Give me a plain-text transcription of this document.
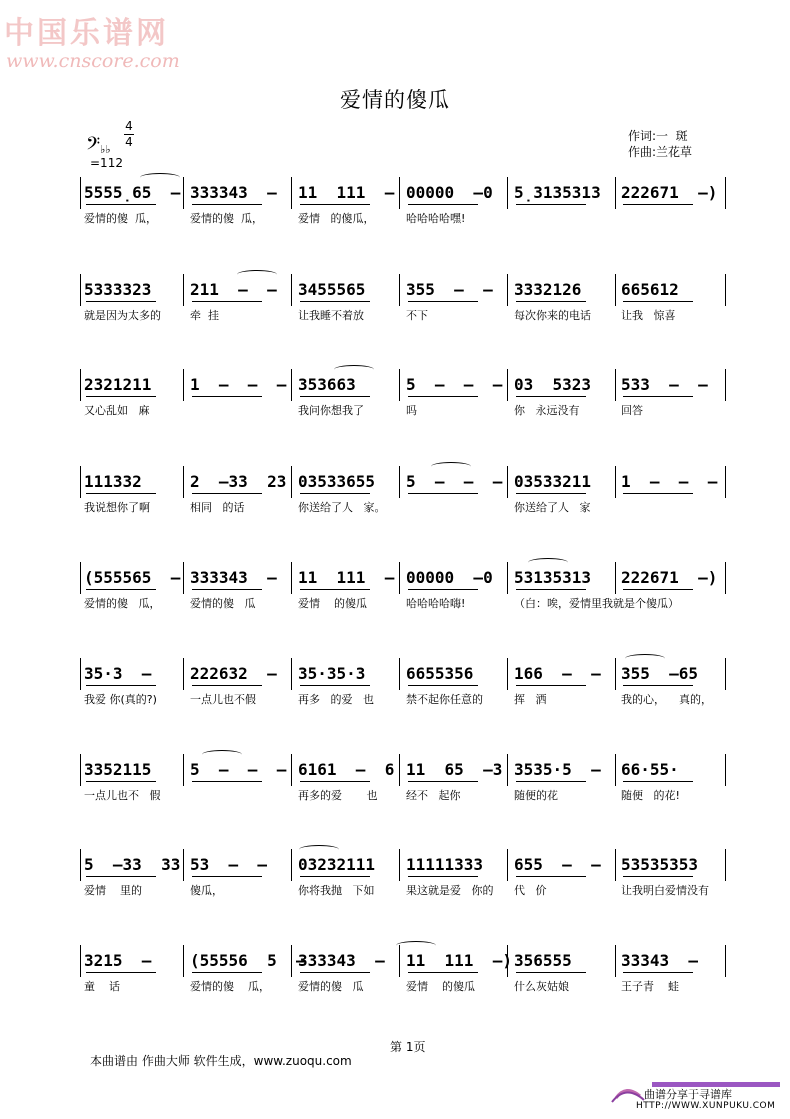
中国乐谱网
www.cnscore.com
爱情的傻瓜
𝄢♭♭
4
4
=112
作词:一  斑
作曲:兰花草
5555̣65  –
爱情的傻  瓜，
333343  –
爱情的傻  瓜，
11  111  –
爱情   的傻瓜，
00000  –0
哈哈哈哈嘿!
5̣3135313 222671  –)
5333323
就是因为太多的
211  –  –
牵  挂
3455565
让我睡不着放
355  –  –
不下
3332126
每次你来的电话
665612
让我   惊喜
2321211
又心乱如   麻
1  –  –  – 353663
我问你想我了
5  –  –  –
吗
03  5323
你   永远没有
533  –  –
回答
111332
我说想你了啊
2  –33  23
相同   的话
03533655
你送给了人   家。
5  –  –  – 03533211
你送给了人   家
1  –  –  –
(555565  –
爱情的傻   瓜，
333343  –
爱情的傻   瓜
11  111  –
爱情    的傻瓜
00000  –0
哈哈哈哈嗨!
53135313
（白：唉，爱情里我就是个傻瓜）
222671  –)
35·3  –
我爱 你(真的?)
222632  –
一点儿也不假
35·35·3
再多   的爱   也
6655356
禁不起你任意的
166  –  –
挥   洒
355  –65
我的心，    真的，
3352115
一点儿也不   假
5  –  –  – 6161  –  6
再多的爱       也
11  65  –3
经不   起你
3535·5  –
随便的花
66·55·
随便   的花!
5  –33  33
爱情    里的
53  –  –
傻瓜，
03232111
你将我抛   下如
11111333
果这就是爱   你的
655  –  –
代   价
53535353
让我明白爱情没有
3215  –
童    话
(55556  5  –
爱情的傻    瓜，
333343  –
爱情的傻   瓜
11  111  –)
爱情    的傻瓜
356555
什么灰姑娘
33343  –
王子青    蛙
第 1页
本曲谱由 作曲大师 软件生成，www.zuoqu.com
曲谱分享于寻谱库
HTTP://WWW.XUNPUKU.COM
